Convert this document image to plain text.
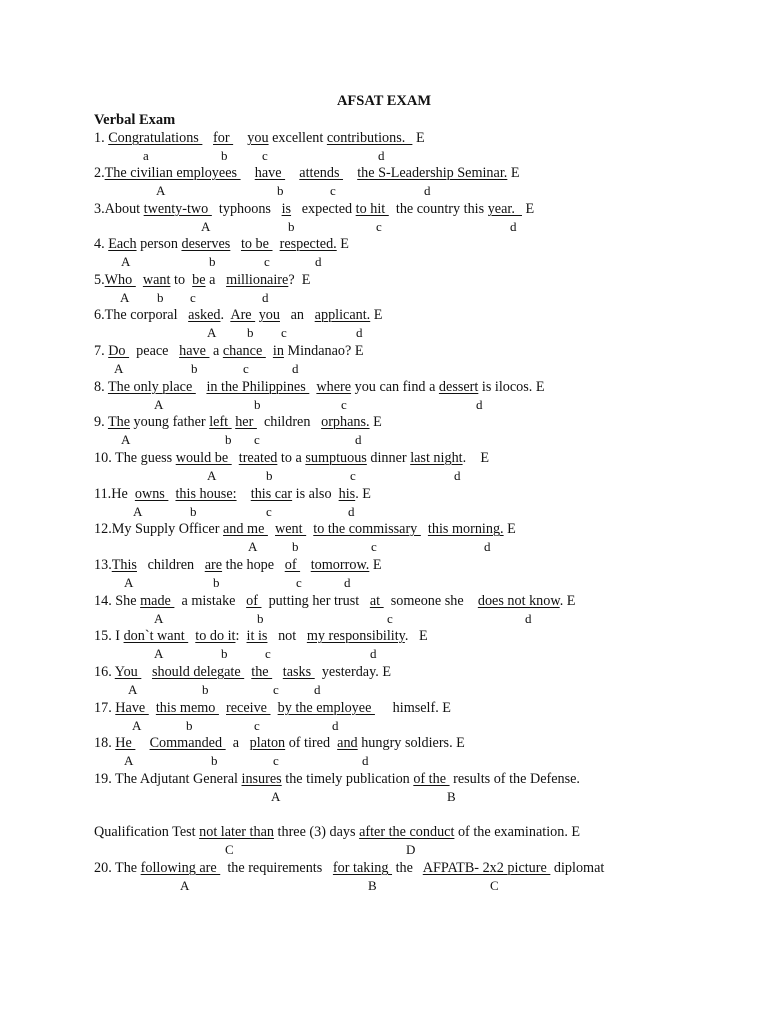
AFSAT EXAM
Verbal Exam
1. Congratulations    for     you excellent contributions.   E
2.The civilian employees     have     attends     the S-Leadership Seminar. E
3.About twenty-two   typhoons   is   expected to hit   the country this year.   E
4. Each person deserves to be   respected. E
5.Who   want to  be a   millionaire?  E
6.The corporal   asked.  Are  you   an   applicant. E
7. Do   peace   have  a chance   in Mindanao? E
8. The only place    in the Philippines   where you can find a dessert is ilocos. E
9. The young father left  her   children   orphans. E
10. The guess would be   treated to a sumptuous dinner last night.    E
11.He  owns   this house: this car is also  his. E
12.My Supply Officer and me   went   to the commissary   this morning. E
13.This   children   are the hope   of    tomorrow. E
14. She made   a mistake   of   putting her trust   at   someone she    does not know. E
15. I don`t want   to do it:  it is   not   my responsibility.   E
16. You    should delegate   the    tasks   yesterday. E
17. Have   this memo   receive   by the employee      himself. E
18. He     Commanded   a   platon of tired  and hungry soldiers. E
19. The Adjutant General insures the timely publication of the  results of the Defense.
Qualification Test not later than three (3) days after the conduct of the examination. E
20. The following are   the requirements   for taking  the   AFPATB- 2x2 picture  diplomat
a	b	c	d
A	b	c	d
A	b	c	d
A	b	c	d
A b c	d
A b c	d
A	b	c	d
A	b	c	d
A	b c	d
A	b	c	d
A	b	c	d
A	b	c	d
A	b	c	d
A	b	c	d
A	b	c	d
A	b	c	d
A	b	c	d
A	b	c	d
A	B
C	D
A	B	C
